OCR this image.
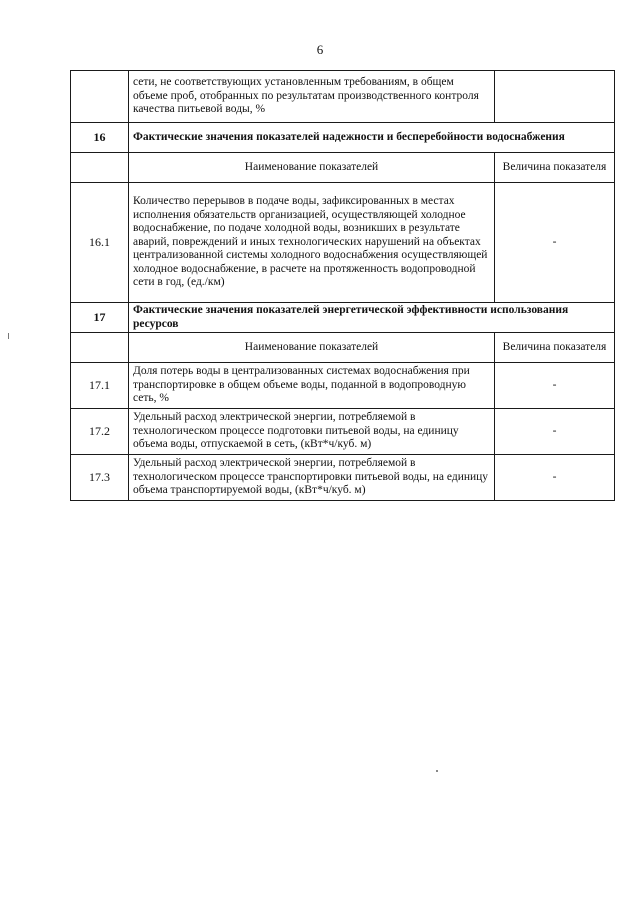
6
	сети, не соответствующих установленным требованиям, в общем объеме проб, отобранных по результатам производственного контроля качества питьевой воды, %	
16	Фактические значения показателей надежности и бесперебойности водоснабжения	
	Наименование показателей	Величина показателя
16.1	Количество перерывов в подаче воды, зафиксированных в местах исполнения обязательств организацией, осуществляющей холодное водоснабжение, по подаче холодной воды, возникших в результате аварий, повреждений и иных технологических нарушений на объектах централизованной системы холодного водоснабжения осуществляющей холодное водоснабжение, в расчете на протяженность водопроводной сети в год, (ед./км)	-
17	Фактические значения показателей энергетической эффективности использования ресурсов	
	Наименование показателей	Величина показателя
17.1	Доля потерь воды в централизованных системах водоснабжения при транспортировке в общем объеме воды, поданной в водопроводную сеть, %	-
17.2	Удельный расход электрической энергии, потребляемой в технологическом процессе подготовки питьевой воды, на единицу объема воды, отпускаемой в сеть, (кВт*ч/куб. м)	-
17.3	Удельный расход электрической энергии, потребляемой в технологическом процессе транспортировки питьевой воды, на единицу объема транспортируемой воды, (кВт*ч/куб. м)	-
